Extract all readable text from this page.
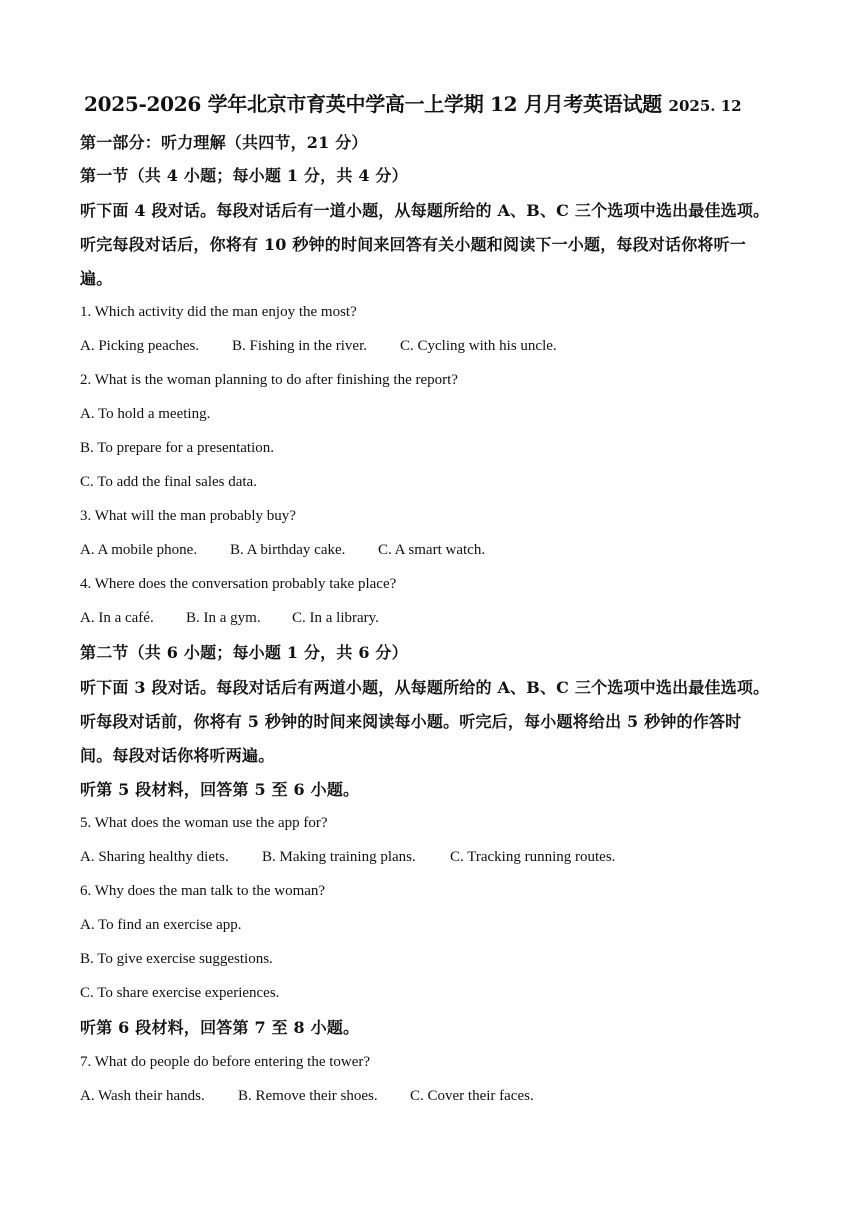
2025-2026 学年北京市育英中学高一上学期 12 月月考英语试题 2025. 12
第一部分：听力理解（共四节，21 分）
第一节（共 4 小题；每小题 1 分，共 4 分）
听下面 4 段对话。每段对话后有一道小题，从每题所给的 A、B、C 三个选项中选出最佳选项。
听完每段对话后，你将有 10 秒钟的时间来回答有关小题和阅读下一小题，每段对话你将听一
遍。
1. Which activity did the man enjoy the most?
A. Picking peaches. B. Fishing in the river. C. Cycling with his uncle.
2. What is the woman planning to do after finishing the report?
A. To hold a meeting.
B. To prepare for a presentation.
C. To add the final sales data.
3. What will the man probably buy?
A. A mobile phone. B. A birthday cake. C. A smart watch.
4. Where does the conversation probably take place?
A. In a café. B. In a gym. C. In a library.
第二节（共 6 小题；每小题 1 分，共 6 分）
听下面 3 段对话。每段对话后有两道小题，从每题所给的 A、B、C 三个选项中选出最佳选项。
听每段对话前，你将有 5 秒钟的时间来阅读每小题。听完后，每小题将给出 5 秒钟的作答时
间。每段对话你将听两遍。
听第 5 段材料，回答第 5 至 6 小题。
5. What does the woman use the app for?
A. Sharing healthy diets. B. Making training plans. C. Tracking running routes.
6. Why does the man talk to the woman?
A. To find an exercise app.
B. To give exercise suggestions.
C. To share exercise experiences.
听第 6 段材料，回答第 7 至 8 小题。
7. What do people do before entering the tower?
A. Wash their hands. B. Remove their shoes. C. Cover their faces.
